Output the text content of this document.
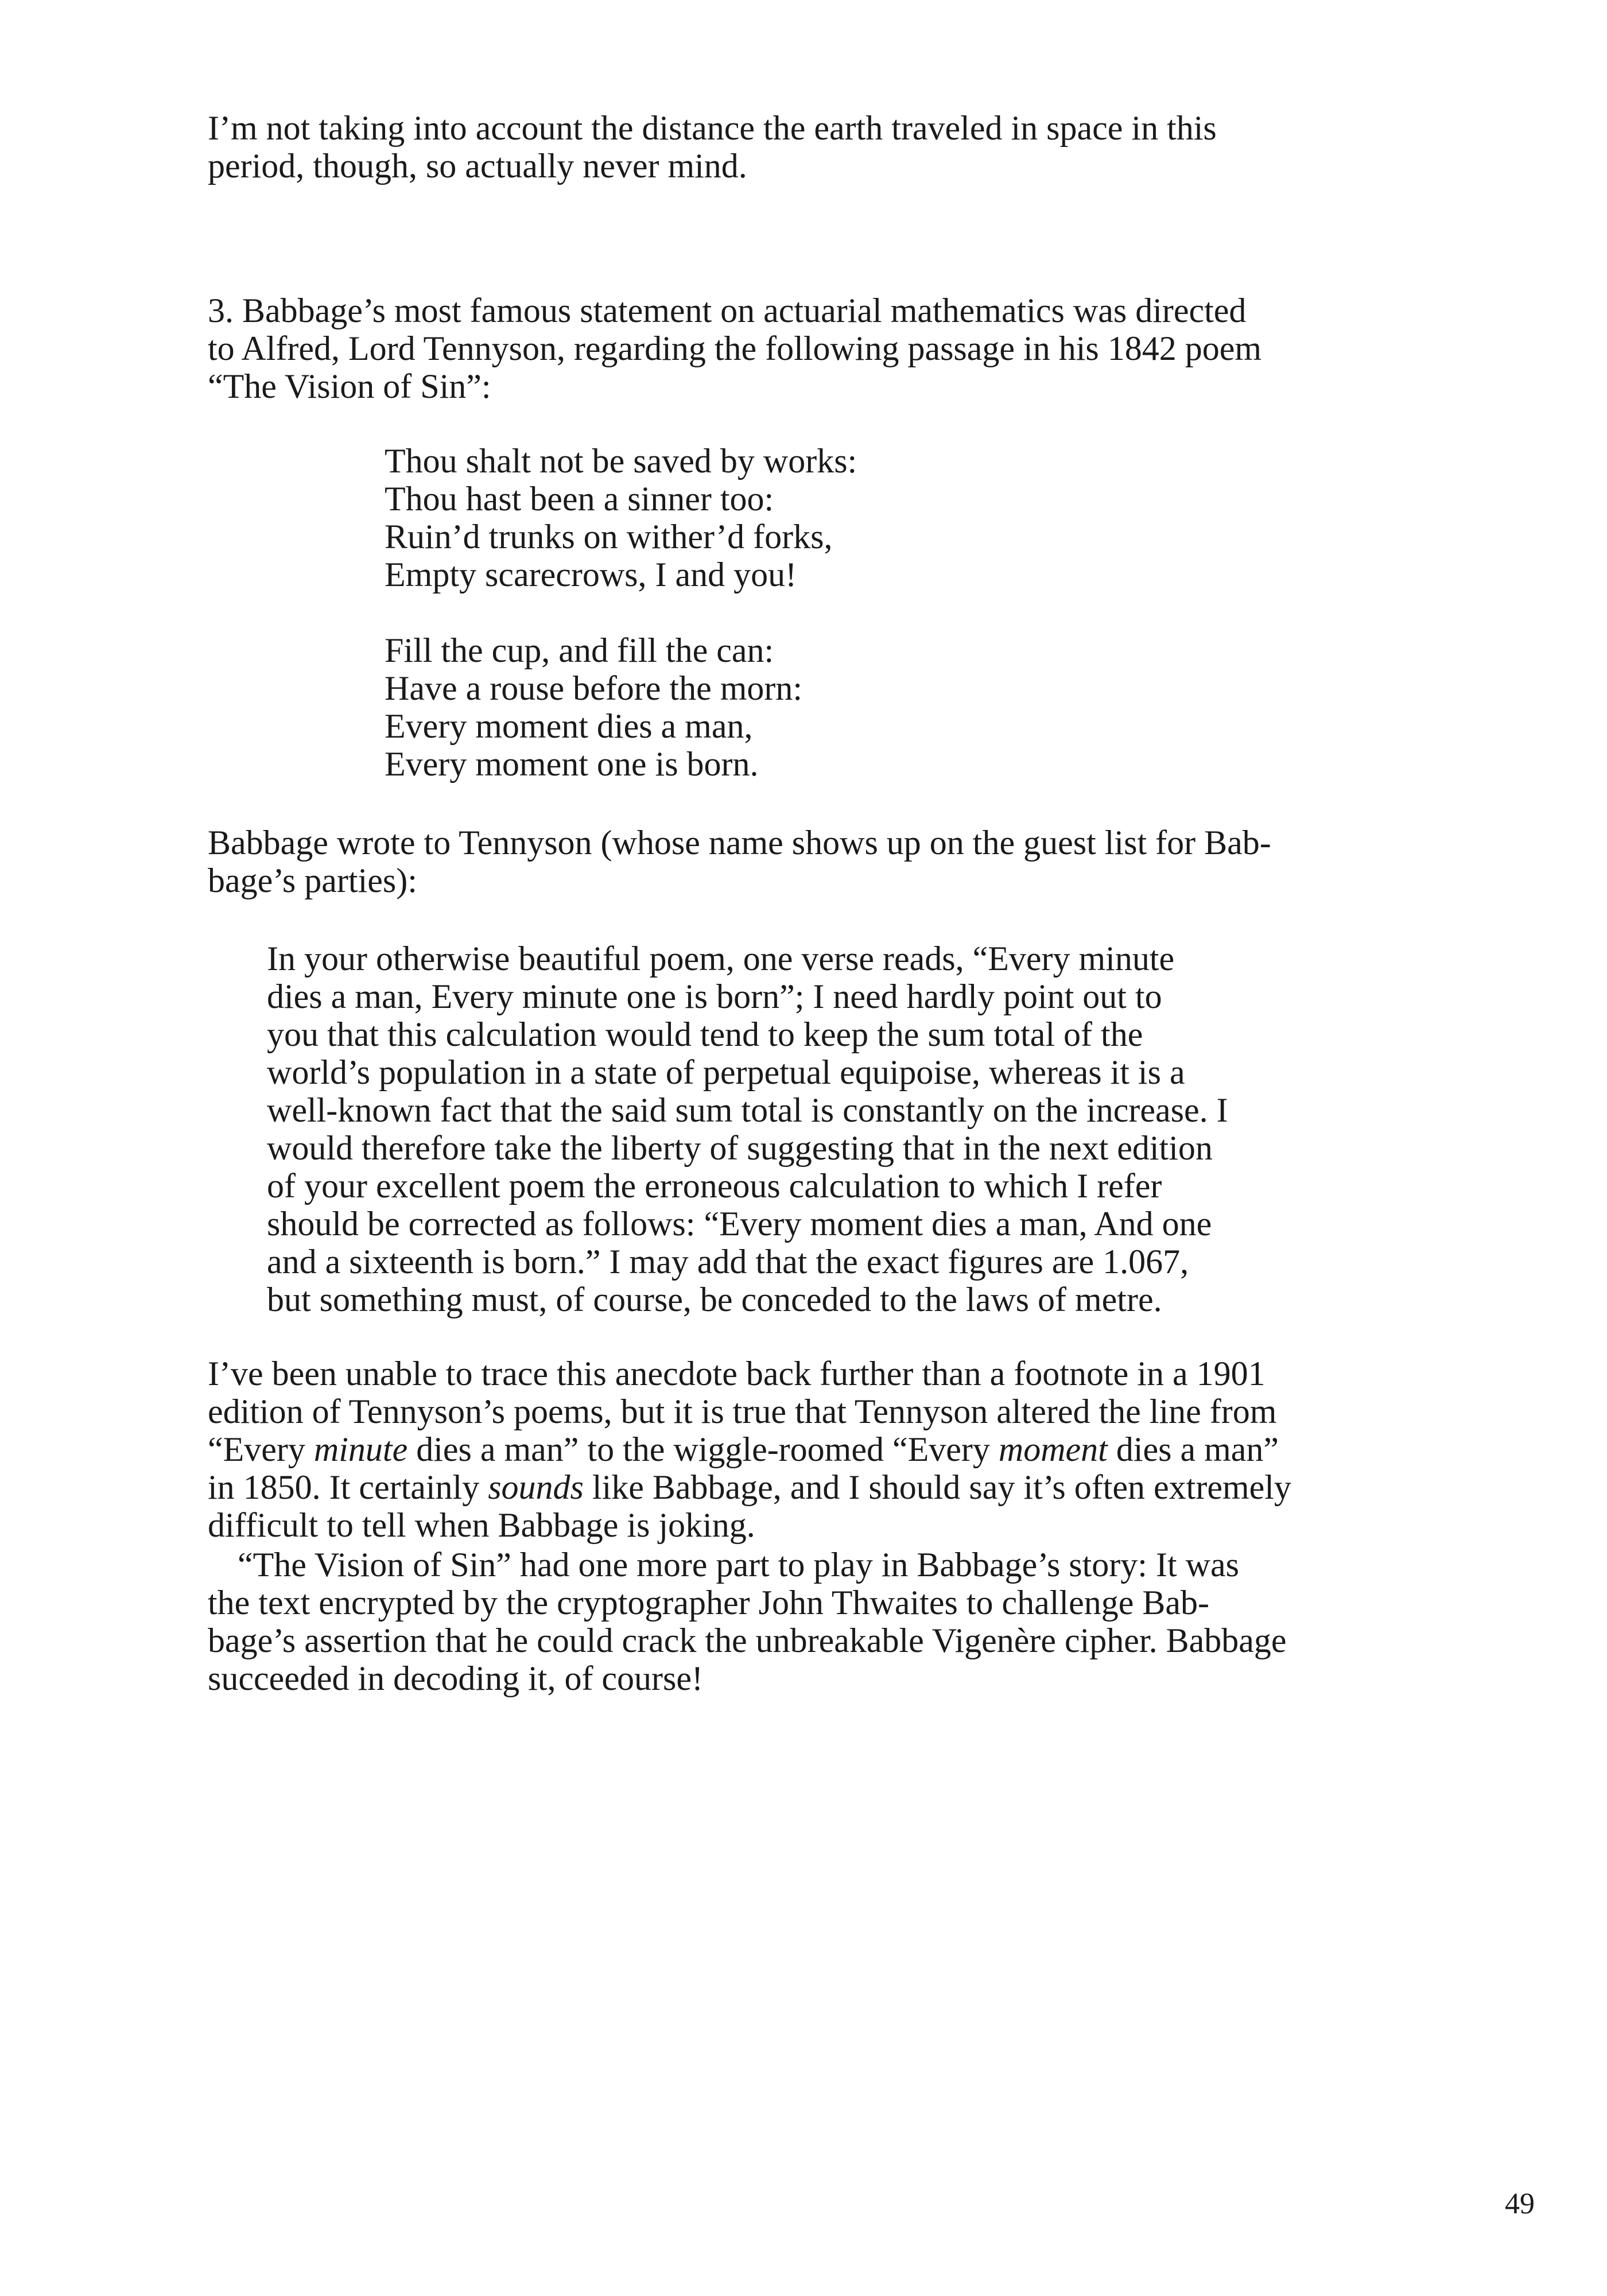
I’m not taking into account the distance the earth traveled in space in this
period, though, so actually never mind.

3. Babbage’s most famous statement on actuarial mathematics was directed
to Alfred, Lord Tennyson, regarding the following passage in his 1842 poem
“The Vision of Sin”:

Thou shalt not be saved by works:
Thou hast been a sinner too:
Ruin’d trunks on wither’d forks,
Empty scarecrows, I and you!
Fill the cup, and fill the can:
Have a rouse before the morn:
Every moment dies a man,
Every moment one is born.

Babbage wrote to Tennyson (whose name shows up on the guest list for Bab-
bage’s parties):

In your otherwise beautiful poem, one verse reads, “Every minute
dies a man, Every minute one is born”; I need hardly point out to
you that this calculation would tend to keep the sum total of the
world’s population in a state of perpetual equipoise, whereas it is a
well-known fact that the said sum total is constantly on the increase. I
would therefore take the liberty of suggesting that in the next edition
of your excellent poem the erroneous calculation to which I refer
should be corrected as follows: “Every moment dies a man, And one
and a sixteenth is born.” I may add that the exact figures are 1.067,
but something must, of course, be conceded to the laws of metre.

I’ve been unable to trace this anecdote back further than a footnote in a 1901
edition of Tennyson’s poems, but it is true that Tennyson altered the line from
“Every minute dies a man” to the wiggle-roomed “Every moment dies a man”
in 1850. It certainly sounds like Babbage, and I should say it’s often extremely
difficult to tell when Babbage is joking.

“The Vision of Sin” had one more part to play in Babbage’s story: It was
the text encrypted by the cryptographer John Thwaites to challenge Bab-
bage’s assertion that he could crack the unbreakable Vigenère cipher. Babbage
succeeded in decoding it, of course!

49
